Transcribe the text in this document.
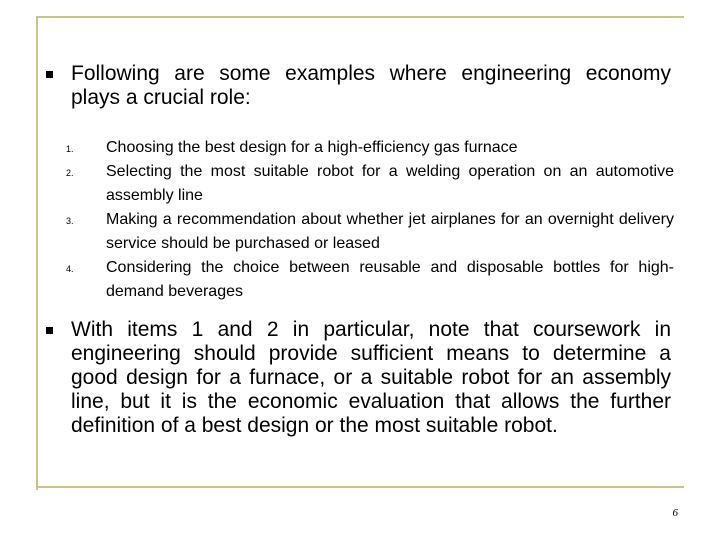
Following are some examples where engineering economy plays a crucial role:

1. Choosing the best design for a high-efficiency gas furnace
2. Selecting the most suitable robot for a welding operation on an automotive assembly line
3. Making a recommendation about whether jet airplanes for an overnight delivery service should be purchased or leased
4. Considering the choice between reusable and disposable bottles for high-demand beverages

With items 1 and 2 in particular, note that coursework in engineering should provide sufficient means to determine a good design for a furnace, or a suitable robot for an assembly line, but it is the economic evaluation that allows the further definition of a best design or the most suitable robot.

6
